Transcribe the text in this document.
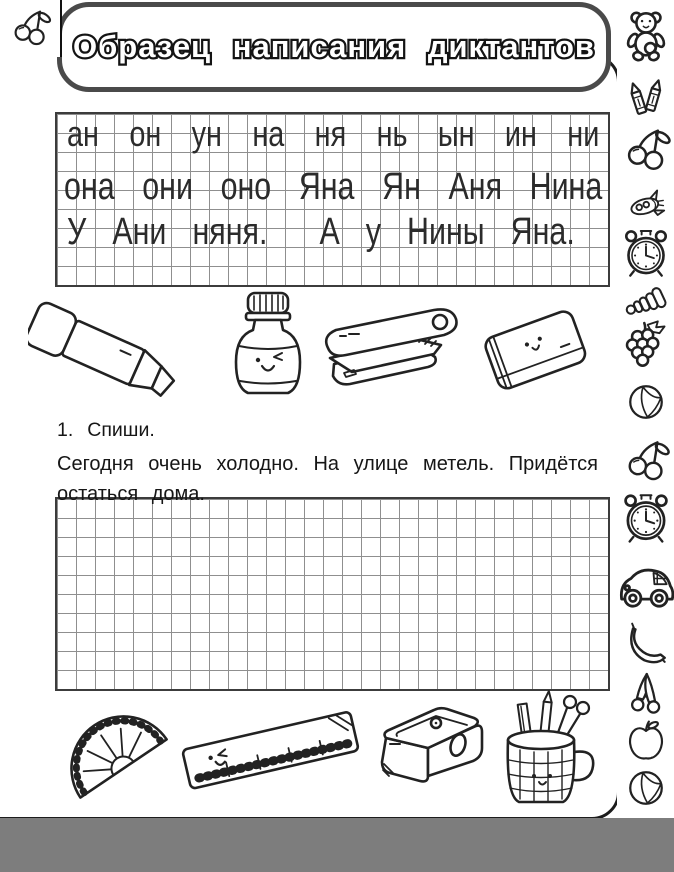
Образец написания диктантов
ан он ун на ня нь ын ин ни
она они оно Яна Ян Аня Нина
У Ани няня.  А у Нины Яна.
1. Спиши.
Сегодня очень холодно. На улице метель. Придётся
остаться дома.
